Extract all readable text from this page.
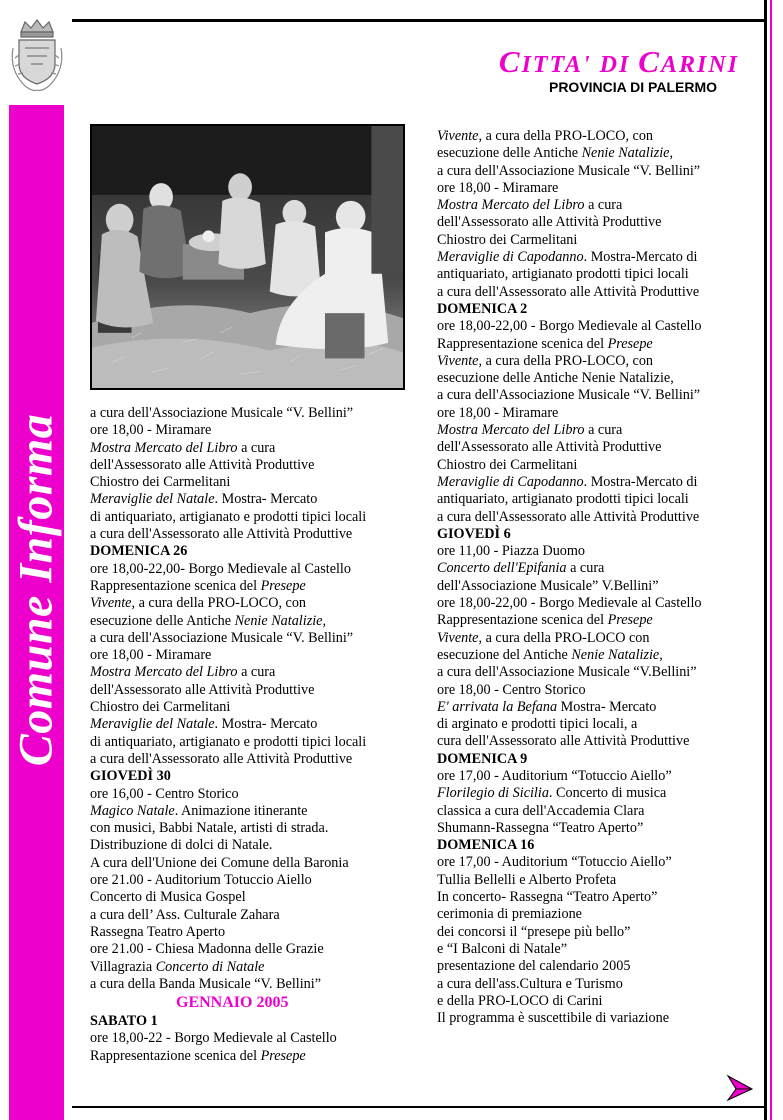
Comune Informa
CITTA' DI CARINI
PROVINCIA DI PALERMO
a cura dell'Associazione Musicale “V. Bellini”
ore 18,00 - Miramare
Mostra Mercato del Libro a cura
dell'Assessorato alle Attività Produttive
Chiostro dei Carmelitani
Meraviglie del Natale. Mostra- Mercato
di antiquariato, artigianato e prodotti tipici locali
a cura dell'Assessorato alle Attività Produttive
DOMENICA 26
ore 18,00-22,00- Borgo Medievale al Castello
Rappresentazione scenica del Presepe
Vivente, a cura della PRO-LOCO, con
esecuzione delle Antiche Nenie Natalizie,
a cura dell'Associazione Musicale “V. Bellini”
ore 18,00 - Miramare
Mostra Mercato del Libro a cura
dell'Assessorato alle Attività Produttive
Chiostro dei Carmelitani
Meraviglie del Natale. Mostra- Mercato
di antiquariato, artigianato e prodotti tipici locali
a cura dell'Assessorato alle Attività Produttive
GIOVEDÌ 30
ore 16,00 - Centro Storico
Magico Natale. Animazione itinerante
con musici, Babbi Natale, artisti di strada.
Distribuzione di dolci di Natale.
A cura dell'Unione dei Comune della Baronia
ore 21.00 - Auditorium Totuccio Aiello
Concerto di Musica Gospel
a cura dell’ Ass. Culturale Zahara
Rassegna Teatro Aperto
ore 21.00 - Chiesa Madonna delle Grazie
Villagrazia Concerto di Natale
a cura della Banda Musicale “V. Bellini”
GENNAIO 2005
SABATO 1
ore 18,00-22 - Borgo Medievale al Castello
Rappresentazione scenica del Presepe
Vivente, a cura della PRO-LOCO, con
esecuzione delle Antiche Nenie Natalizie,
a cura dell'Associazione Musicale “V. Bellini”
ore 18,00 - Miramare
Mostra Mercato del Libro a cura
dell'Assessorato alle Attività Produttive
Chiostro dei Carmelitani
Meraviglie di Capodanno. Mostra-Mercato di
antiquariato, artigianato prodotti tipici locali
a cura dell'Assessorato alle Attività Produttive
DOMENICA 2
ore 18,00-22,00 - Borgo Medievale al Castello
Rappresentazione scenica del Presepe
Vivente, a cura della PRO-LOCO, con
esecuzione delle Antiche Nenie Natalizie,
a cura dell'Associazione Musicale “V. Bellini”
ore 18,00 - Miramare
Mostra Mercato del Libro a cura
dell'Assessorato alle Attività Produttive
Chiostro dei Carmelitani
Meraviglie di Capodanno. Mostra-Mercato di
antiquariato, artigianato prodotti tipici locali
a cura dell'Assessorato alle Attività Produttive
GIOVEDÌ 6
ore 11,00 - Piazza Duomo
Concerto dell'Epifania a cura
dell'Associazione Musicale” V.Bellini”
ore 18,00-22,00 - Borgo Medievale al Castello
Rappresentazione scenica del Presepe
Vivente, a cura della PRO-LOCO con
esecuzione del Antiche Nenie Natalizie,
a cura dell'Associazione Musicale “V.Bellini”
ore 18,00 - Centro Storico
E' arrivata la Befana Mostra- Mercato
di arginato e prodotti tipici locali, a
cura dell'Assessorato alle Attività Produttive
DOMENICA 9
ore 17,00 - Auditorium “Totuccio Aiello”
Florilegio di Sicilia. Concerto di musica
classica a cura dell'Accademia Clara
Shumann-Rassegna “Teatro Aperto”
DOMENICA 16
ore 17,00 - Auditorium “Totuccio Aiello”
Tullia Bellelli e Alberto Profeta
In concerto- Rassegna “Teatro Aperto”
cerimonia di premiazione
dei concorsi il “presepe più bello”
e “I Balconi di Natale”
presentazione del calendario 2005
a cura dell'ass.Cultura e Turismo
e della PRO-LOCO di Carini
Il programma è suscettibile di variazione
